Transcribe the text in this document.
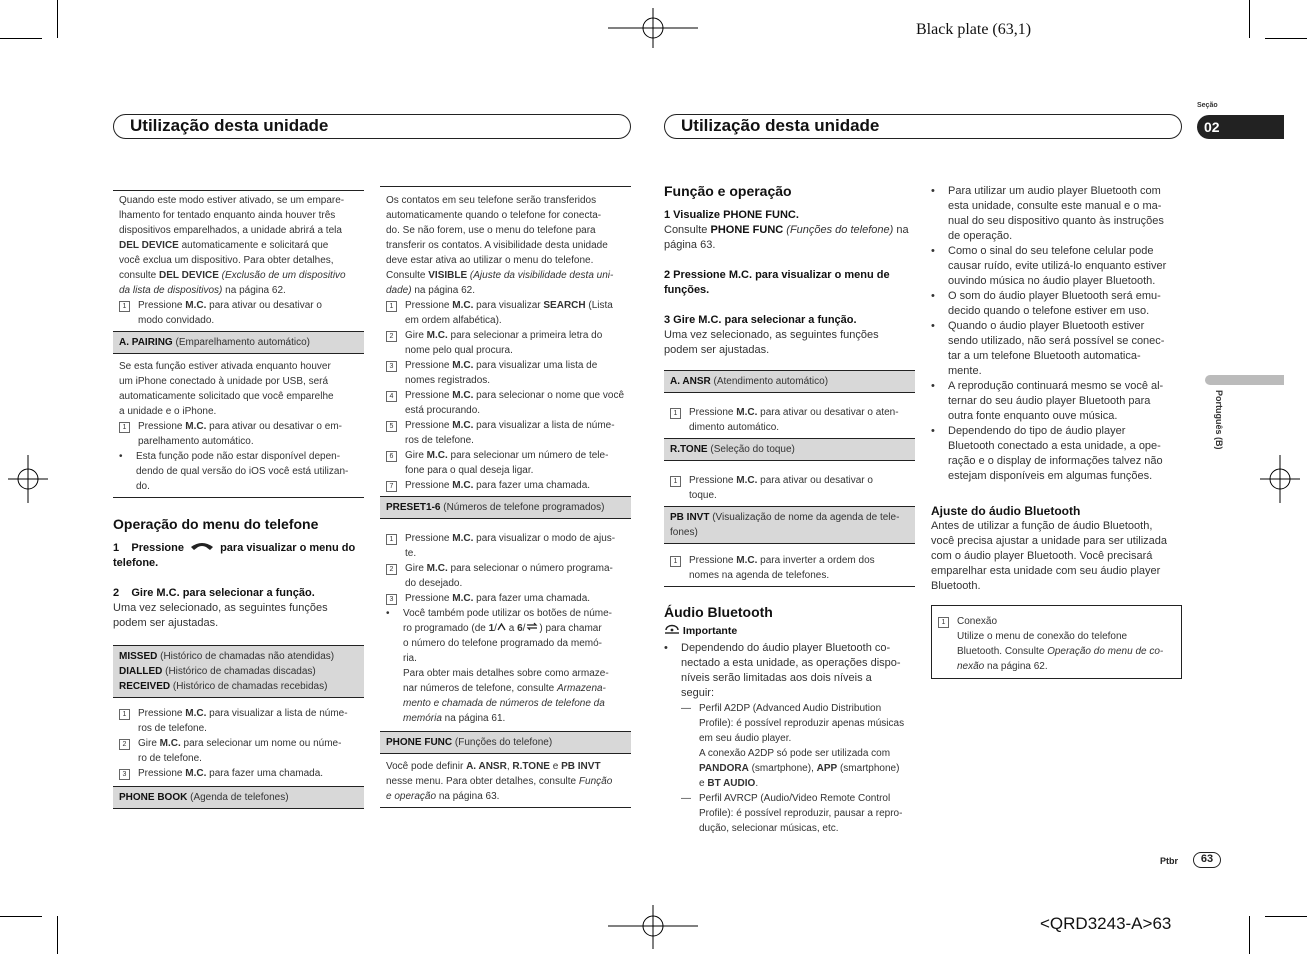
Black plate (63,1)
<QRD3243-A>63
Seção
02
Português (B)
Utilização desta unidade	Utilização desta unidade

Quando este modo estiver ativado, se um empare-

lhamento for tentado enquanto ainda houver três

dispositivos emparelhados, a unidade abrirá a tela

DEL DEVICE automaticamente e solicitará que

você exclua um dispositivo. Para obter detalhes,

consulte DEL DEVICE (Exclusão de um dispositivo

da lista de dispositivos) na página 62.

1	Pressione M.C. para ativar ou desativar o

modo convidado.

A. PAIRING (Emparelhamento automático)

Se esta função estiver ativada enquanto houver

um iPhone conectado à unidade por USB, será

automaticamente solicitado que você emparelhe

a unidade e o iPhone.

1	Pressione M.C. para ativar ou desativar o em-

parelhamento automático.

•	Esta função pode não estar disponível depen-

dendo de qual versão do iOS você está utilizan-

do.

Operação do menu do telefone

1 Pressione	para visualizar o menu do

telefone.

2 Gire M.C. para selecionar a função.

Uma vez selecionado, as seguintes funções

podem ser ajustadas.

MISSED (Histórico de chamadas não atendidas)

DIALLED (Histórico de chamadas discadas)

RECEIVED (Histórico de chamadas recebidas)

1	Pressione M.C. para visualizar a lista de núme-

ros de telefone.

2	Gire M.C. para selecionar um nome ou núme-

ro de telefone.

3	Pressione M.C. para fazer uma chamada.

PHONE BOOK (Agenda de telefones)

Os contatos em seu telefone serão transferidos

automaticamente quando o telefone for conecta-

do. Se não forem, use o menu do telefone para

transferir os contatos. A visibilidade desta unidade

deve estar ativa ao utilizar o menu do telefone.

Consulte VISIBLE (Ajuste da visibilidade desta uni-

dade) na página 62.

1	Pressione M.C. para visualizar SEARCH (Lista

em ordem alfabética).

2	Gire M.C. para selecionar a primeira letra do

nome pelo qual procura.

3	Pressione M.C. para visualizar uma lista de

nomes registrados.

4	Pressione M.C. para selecionar o nome que você

está procurando.

5	Pressione M.C. para visualizar a lista de núme-

ros de telefone.

6	Gire M.C. para selecionar um número de tele-

fone para o qual deseja ligar.

7	Pressione M.C. para fazer uma chamada.

PRESET1-6 (Números de telefone programados)
1	Pressione M.C. para visualizar o modo de ajus-

te.

2	Gire M.C. para selecionar o número programa-

do desejado.

3	Pressione M.C. para fazer uma chamada.

•	Você também pode utilizar os botões de núme-

ro programado (de 1/ a 6/ ) para chamar

o número do telefone programado da memó-

ria.

Para obter mais detalhes sobre como armaze-

nar números de telefone, consulte Armazena-

mento e chamada de números de telefone da

memória na página 61.

PHONE FUNC (Funções do telefone)

Você pode definir A. ANSR, R.TONE e PB INVT

nesse menu. Para obter detalhes, consulte Função

e operação na página 63.

Função e operação

1 Visualize PHONE FUNC.

Consulte PHONE FUNC (Funções do telefone) na

página 63.

2 Pressione M.C. para visualizar o menu de

funções.

3 Gire M.C. para selecionar a função.

Uma vez selecionado, as seguintes funções

podem ser ajustadas.

A. ANSR (Atendimento automático)
1	Pressione M.C. para ativar ou desativar o aten-

dimento automático.

R.TONE (Seleção do toque)
1	Pressione M.C. para ativar ou desativar o

toque.

PB INVT (Visualização de nome da agenda de tele-

fones)

1	Pressione M.C. para inverter a ordem dos

nomes na agenda de telefones.

Áudio Bluetooth

Importante

•	Dependendo do áudio player Bluetooth co-

nectado a esta unidade, as operações dispo-

níveis serão limitadas aos dois níveis a

seguir:

— Perfil A2DP (Advanced Audio Distribution

Profile): é possível reproduzir apenas músicas

em seu áudio player.

A conexão A2DP só pode ser utilizada com

PANDORA (smartphone), APP (smartphone)

e BT AUDIO.

— Perfil AVRCP (Audio/Video Remote Control

Profile): é possível reproduzir, pausar a repro-

dução, selecionar músicas, etc.

•	Para utilizar um audio player Bluetooth com

esta unidade, consulte este manual e o ma-

nual do seu dispositivo quanto às instruções

de operação.

•	Como o sinal do seu telefone celular pode

causar ruído, evite utilizá-lo enquanto estiver

ouvindo música no áudio player Bluetooth.

•	O som do áudio player Bluetooth será emu-

decido quando o telefone estiver em uso.

•	Quando o áudio player Bluetooth estiver

sendo utilizado, não será possível se conec-

tar a um telefone Bluetooth automatica-

mente.

•	A reprodução continuará mesmo se você al-

ternar do seu áudio player Bluetooth para

outra fonte enquanto ouve música.

•	Dependendo do tipo de áudio player

Bluetooth conectado a esta unidade, a ope-

ração e o display de informações talvez não

estejam disponíveis em algumas funções.

Ajuste do áudio Bluetooth

Antes de utilizar a função de áudio Bluetooth,

você precisa ajustar a unidade para ser utilizada

com o áudio player Bluetooth. Você precisará

emparelhar esta unidade com seu áudio player

Bluetooth.

1	Conexão

Utilize o menu de conexão do telefone

Bluetooth. Consulte Operação do menu de co-

nexão na página 62.

Ptbr	63
